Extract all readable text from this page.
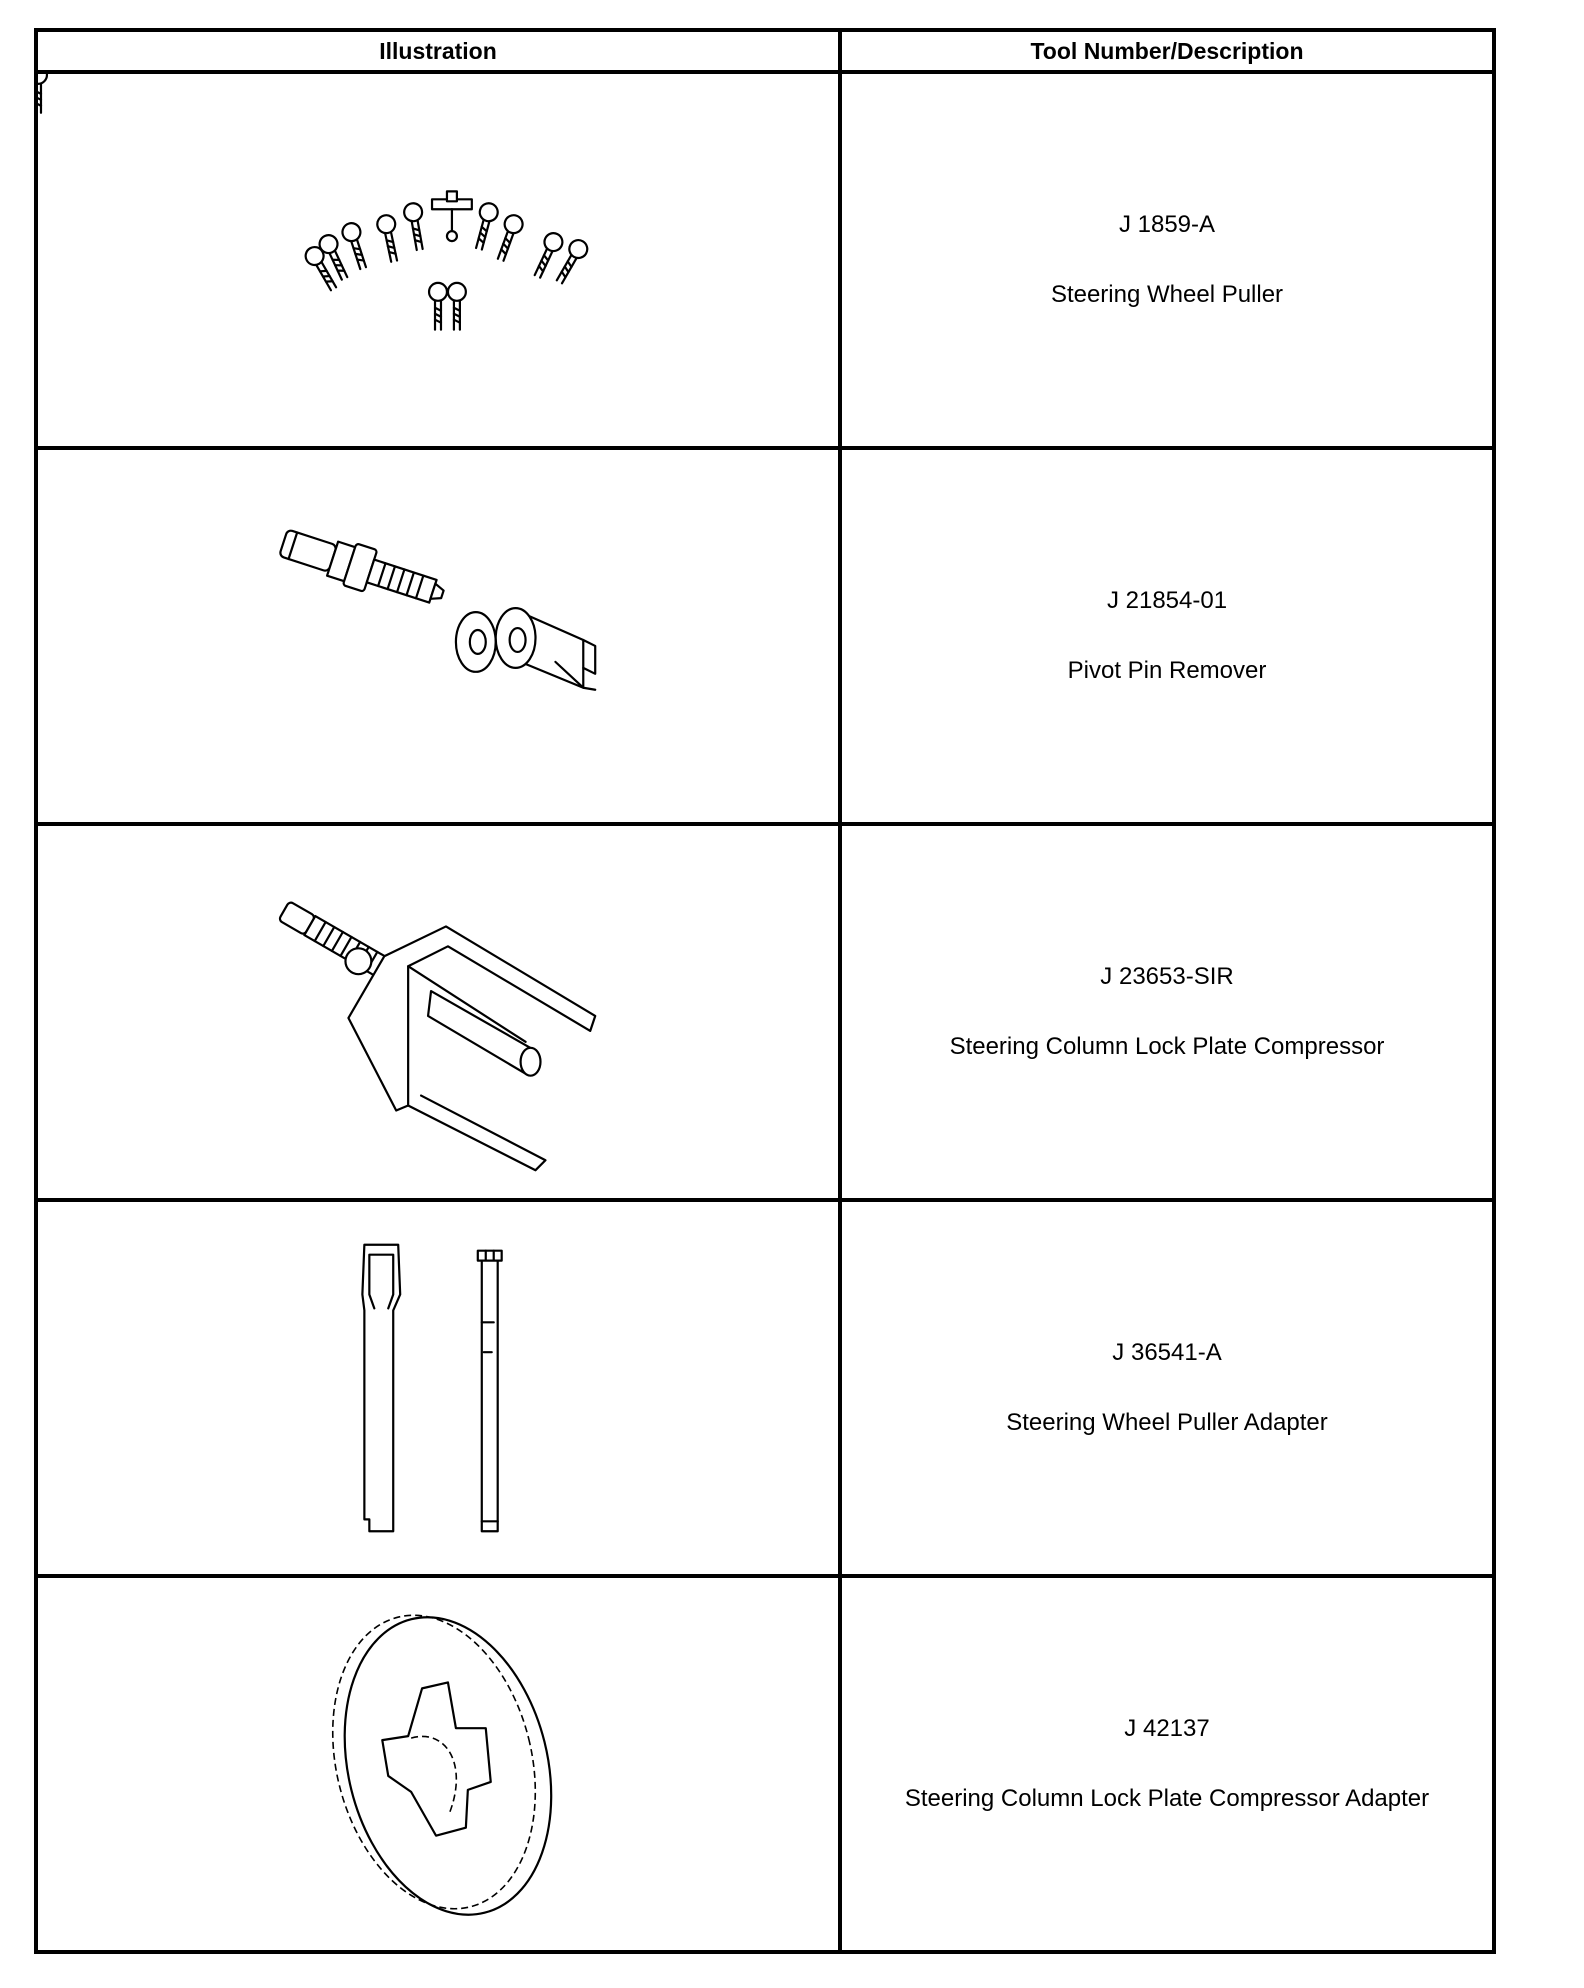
Illustration	Tool Number/Description

J 1859-A
Steering Wheel Puller

J 21854-01
Pivot Pin Remover

J 23653-SIR
Steering Column Lock Plate Compressor

J 36541-A
Steering Wheel Puller Adapter

J 42137
Steering Column Lock Plate Compressor Adapter
